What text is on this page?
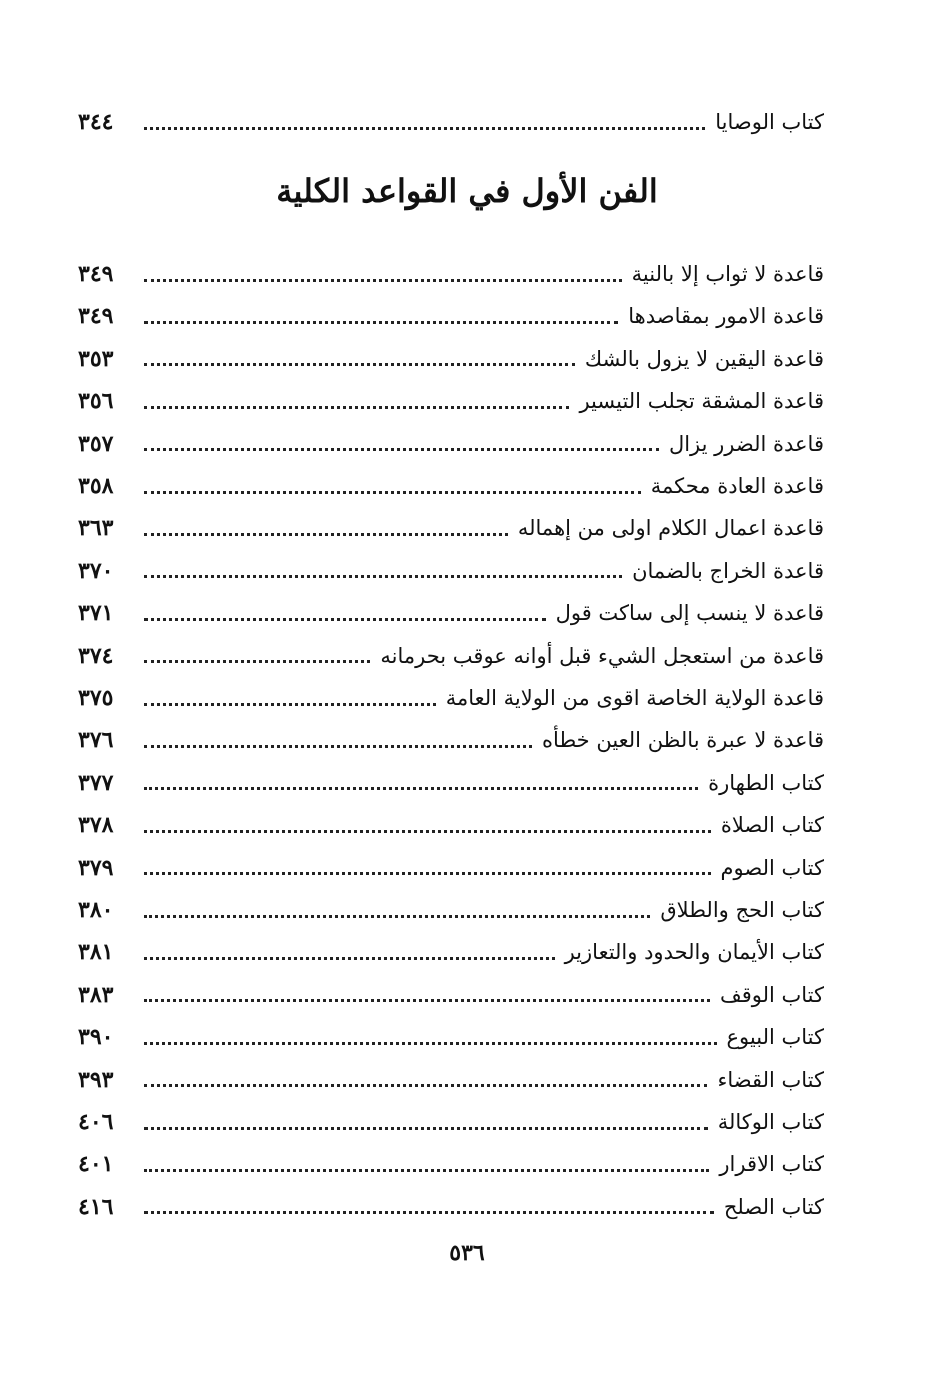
كتاب الوصايا
٣٤٤
الفن الأول في القواعد الكلية
قاعدة لا ثواب إلا بالنية
٣٤٩
قاعدة الامور بمقاصدها
٣٤٩
قاعدة اليقين لا يزول بالشك
٣٥٣
قاعدة المشقة تجلب التيسير
٣٥٦
قاعدة الضرر يزال
٣٥٧
قاعدة العادة محكمة
٣٥٨
قاعدة اعمال الكلام اولى من إهماله
٣٦٣
قاعدة الخراج بالضمان
٣٧٠
قاعدة لا ينسب إلى ساكت قول
٣٧١
قاعدة من استعجل الشيء قبل أوانه عوقب بحرمانه
٣٧٤
قاعدة الولاية الخاصة اقوى من الولاية العامة
٣٧٥
قاعدة لا عبرة بالظن العين خطأه
٣٧٦
كتاب الطهارة
٣٧٧
كتاب الصلاة
٣٧٨
كتاب الصوم
٣٧٩
كتاب الحج والطلاق
٣٨٠
كتاب الأيمان والحدود والتعازير
٣٨١
كتاب الوقف
٣٨٣
كتاب البيوع
٣٩٠
كتاب القضاء
٣٩٣
كتاب الوكالة
٤٠٦
كتاب الاقرار
٤٠١
كتاب الصلح
٤١٦
٥٣٦
